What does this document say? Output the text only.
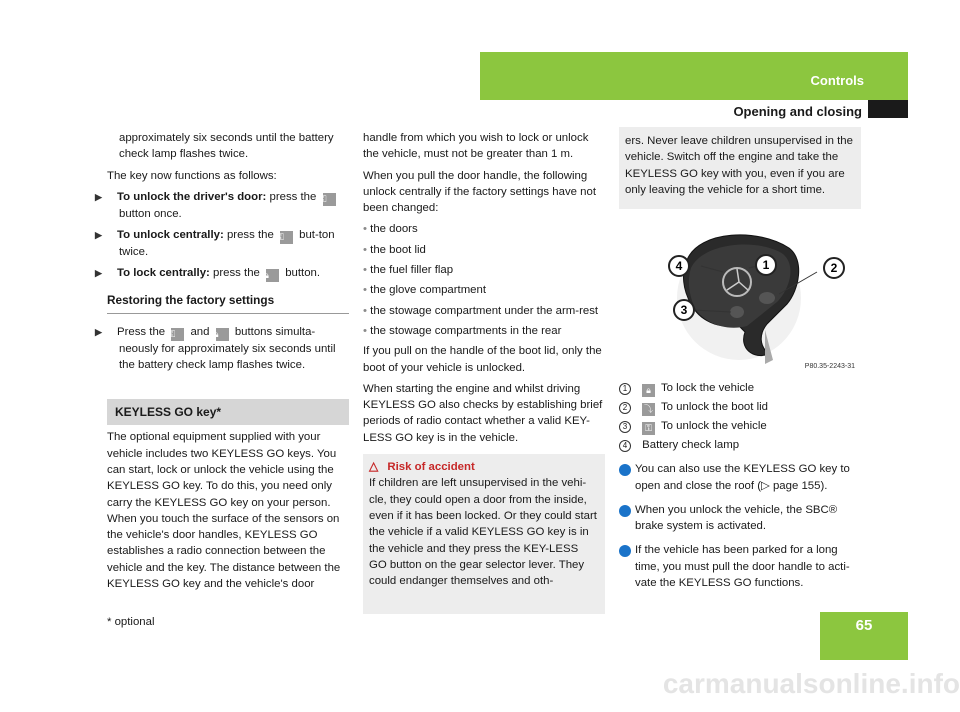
Controls
Opening and closing
approximately six seconds until the battery check lamp flashes twice.
The key now functions as follows:
▶ To unlock the driver's door: press the ⚿ button once.
▶ To unlock centrally: press the ⚿ but-ton twice.
▶ To lock centrally: press the 🔒︎ button.
Restoring the factory settings
▶ Press the ⚿ and 🔒︎ buttons simulta-neously for approximately six seconds until the battery check lamp flashes twice.
KEYLESS GO key*
The optional equipment supplied with your vehicle includes two KEYLESS GO keys. You can start, lock or unlock the vehicle using the KEYLESS GO key. To do this, you need only carry the KEYLESS GO key on your person. When you touch the surface of the sensors on the vehicle's door handles, KEYLESS GO establishes a radio connection between the vehicle and the key. The distance between the KEYLESS GO key and the vehicle's door
handle from which you wish to lock or unlock the vehicle, must not be greater than 1 m.
When you pull the door handle, the following unlock centrally if the factory settings have not been changed:
• the doors
• the boot lid
• the fuel filler flap
• the glove compartment
• the stowage compartment under the arm-rest
• the stowage compartments in the rear
If you pull on the handle of the boot lid, only the boot of your vehicle is unlocked.
When starting the engine and whilst driving KEYLESS GO also checks by establishing brief periods of radio contact whether a valid KEY-LESS GO key is in the vehicle.
△ Risk of accident
If children are left unsupervised in the vehi-cle, they could open a door from the inside, even if it has been locked. Or they could start the vehicle if a valid KEYLESS GO key is in the vehicle and they press the KEY-LESS GO button on the gear selector lever. They could endanger themselves and oth-
ers. Never leave children unsupervised in the vehicle. Switch off the engine and take the KEYLESS GO key with you, even if you are only leaving the vehicle for a short time.
1	2
3
4
P80.35-2243-31
1 🔒︎ To lock the vehicle
2 ⤵ To unlock the boot lid
3 ⚿ To unlock the vehicle
4 Battery check lamp
i You can also use the KEYLESS GO key to open and close the roof (▷ page 155).
i When you unlock the vehicle, the SBC® brake system is activated.
i If the vehicle has been parked for a long time, you must pull the door handle to acti-vate the KEYLESS GO functions.
* optional	65
carmanualsonline.info
